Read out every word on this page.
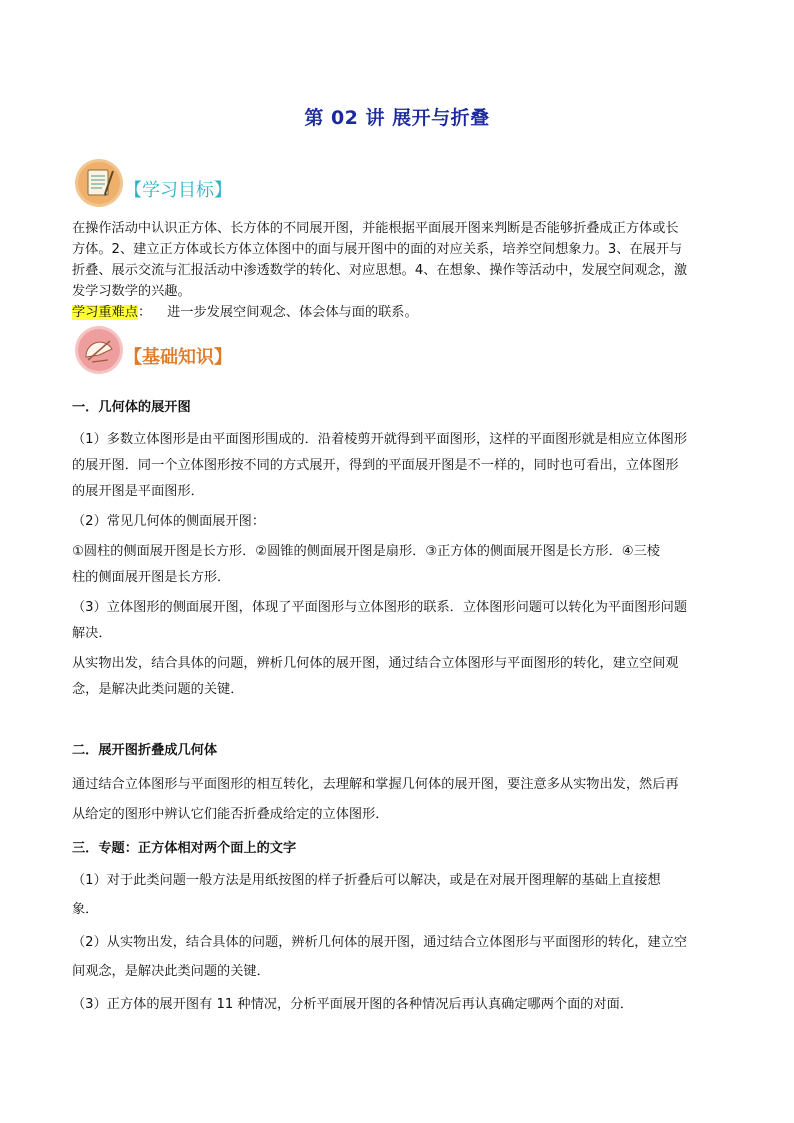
第 02 讲 展开与折叠
【学习目标】
在操作活动中认识正方体、长方体的不同展开图，并能根据平面展开图来判断是否能够折叠成正方体或长
方体。2、建立正方体或长方体立体图中的面与展开图中的面的对应关系，培养空间想象力。3、在展开与
折叠、展示交流与汇报活动中渗透数学的转化、对应思想。4、在想象、操作等活动中，发展空间观念，激
发学习数学的兴趣。
学习重难点： 进一步发展空间观念、体会体与面的联系。
【基础知识】
一．几何体的展开图
（1）多数立体图形是由平面图形围成的．沿着棱剪开就得到平面图形，这样的平面图形就是相应立体图形
的展开图．同一个立体图形按不同的方式展开，得到的平面展开图是不一样的，同时也可看出，立体图形
的展开图是平面图形．
（2）常见几何体的侧面展开图：
①圆柱的侧面展开图是长方形．②圆锥的侧面展开图是扇形．③正方体的侧面展开图是长方形．④三棱
柱的侧面展开图是长方形．
（3）立体图形的侧面展开图，体现了平面图形与立体图形的联系．立体图形问题可以转化为平面图形问题
解决．
从实物出发，结合具体的问题，辨析几何体的展开图，通过结合立体图形与平面图形的转化，建立空间观
念，是解决此类问题的关键．
二．展开图折叠成几何体
通过结合立体图形与平面图形的相互转化，去理解和掌握几何体的展开图，要注意多从实物出发，然后再
从给定的图形中辨认它们能否折叠成给定的立体图形．
三．专题：正方体相对两个面上的文字
（1）对于此类问题一般方法是用纸按图的样子折叠后可以解决，或是在对展开图理解的基础上直接想
象．
（2）从实物出发，结合具体的问题，辨析几何体的展开图，通过结合立体图形与平面图形的转化，建立空
间观念，是解决此类问题的关键．
（3）正方体的展开图有 11 种情况，分析平面展开图的各种情况后再认真确定哪两个面的对面．
